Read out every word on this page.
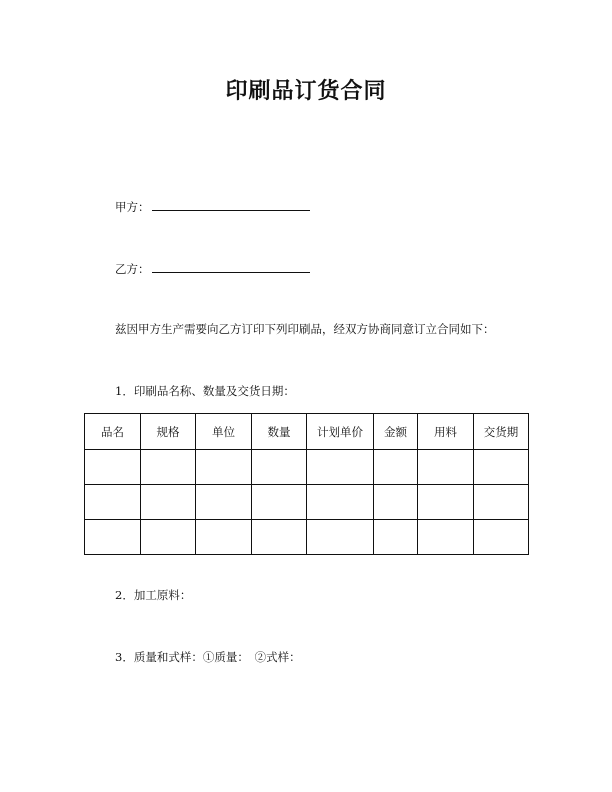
印刷品订货合同
甲方：
乙方：
兹因甲方生产需要向乙方订印下列印刷品，经双方协商同意订立合同如下：
1．印刷品名称、数量及交货日期：
品名	规格	单位	数量	计划单价	金额	用料	交货期

2．加工原料：
3．质量和式样：①质量：　②式样：
